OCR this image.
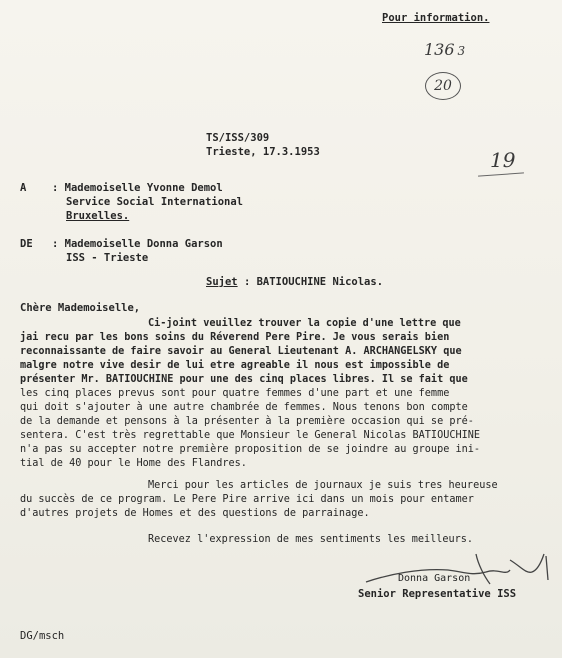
Pour information.
136 3
20
19
TS/ISS/309
Trieste, 17.3.1953
A : Mademoiselle Yvonne Demol
Service Social International
Bruxelles.
DE : Mademoiselle Donna Garson
ISS - Trieste
Sujet : BATIOUCHINE Nicolas.
Chère Mademoiselle,
Ci-joint veuillez trouver la copie d'une lettre que
jai recu par les bons soins du Réverend Pere Pire. Je vous serais bien
reconnaissante de faire savoir au General Lieutenant A. ARCHANGELSKY que
malgre notre vive desir de lui etre agreable il nous est impossible de
présenter Mr. BATIOUCHINE pour une des cinq places libres. Il se fait que
les cinq places prevus sont pour quatre femmes d'une part et une femme
qui doit s'ajouter à une autre chambrée de femmes. Nous tenons bon compte
de la demande et pensons à la présenter à la première occasion qui se pré-
sentera. C'est très regrettable que Monsieur le General Nicolas BATIOUCHINE
n'a pas su accepter notre première proposition de se joindre au groupe ini-
tial de 40 pour le Home des Flandres.
Merci pour les articles de journaux je suis tres heureuse
du succès de ce program. Le Pere Pire arrive ici dans un mois pour entamer
d'autres projets de Homes et des questions de parrainage.
Recevez l'expression de mes sentiments les meilleurs.
Donna Garson
Senior Representative ISS
DG/msch
